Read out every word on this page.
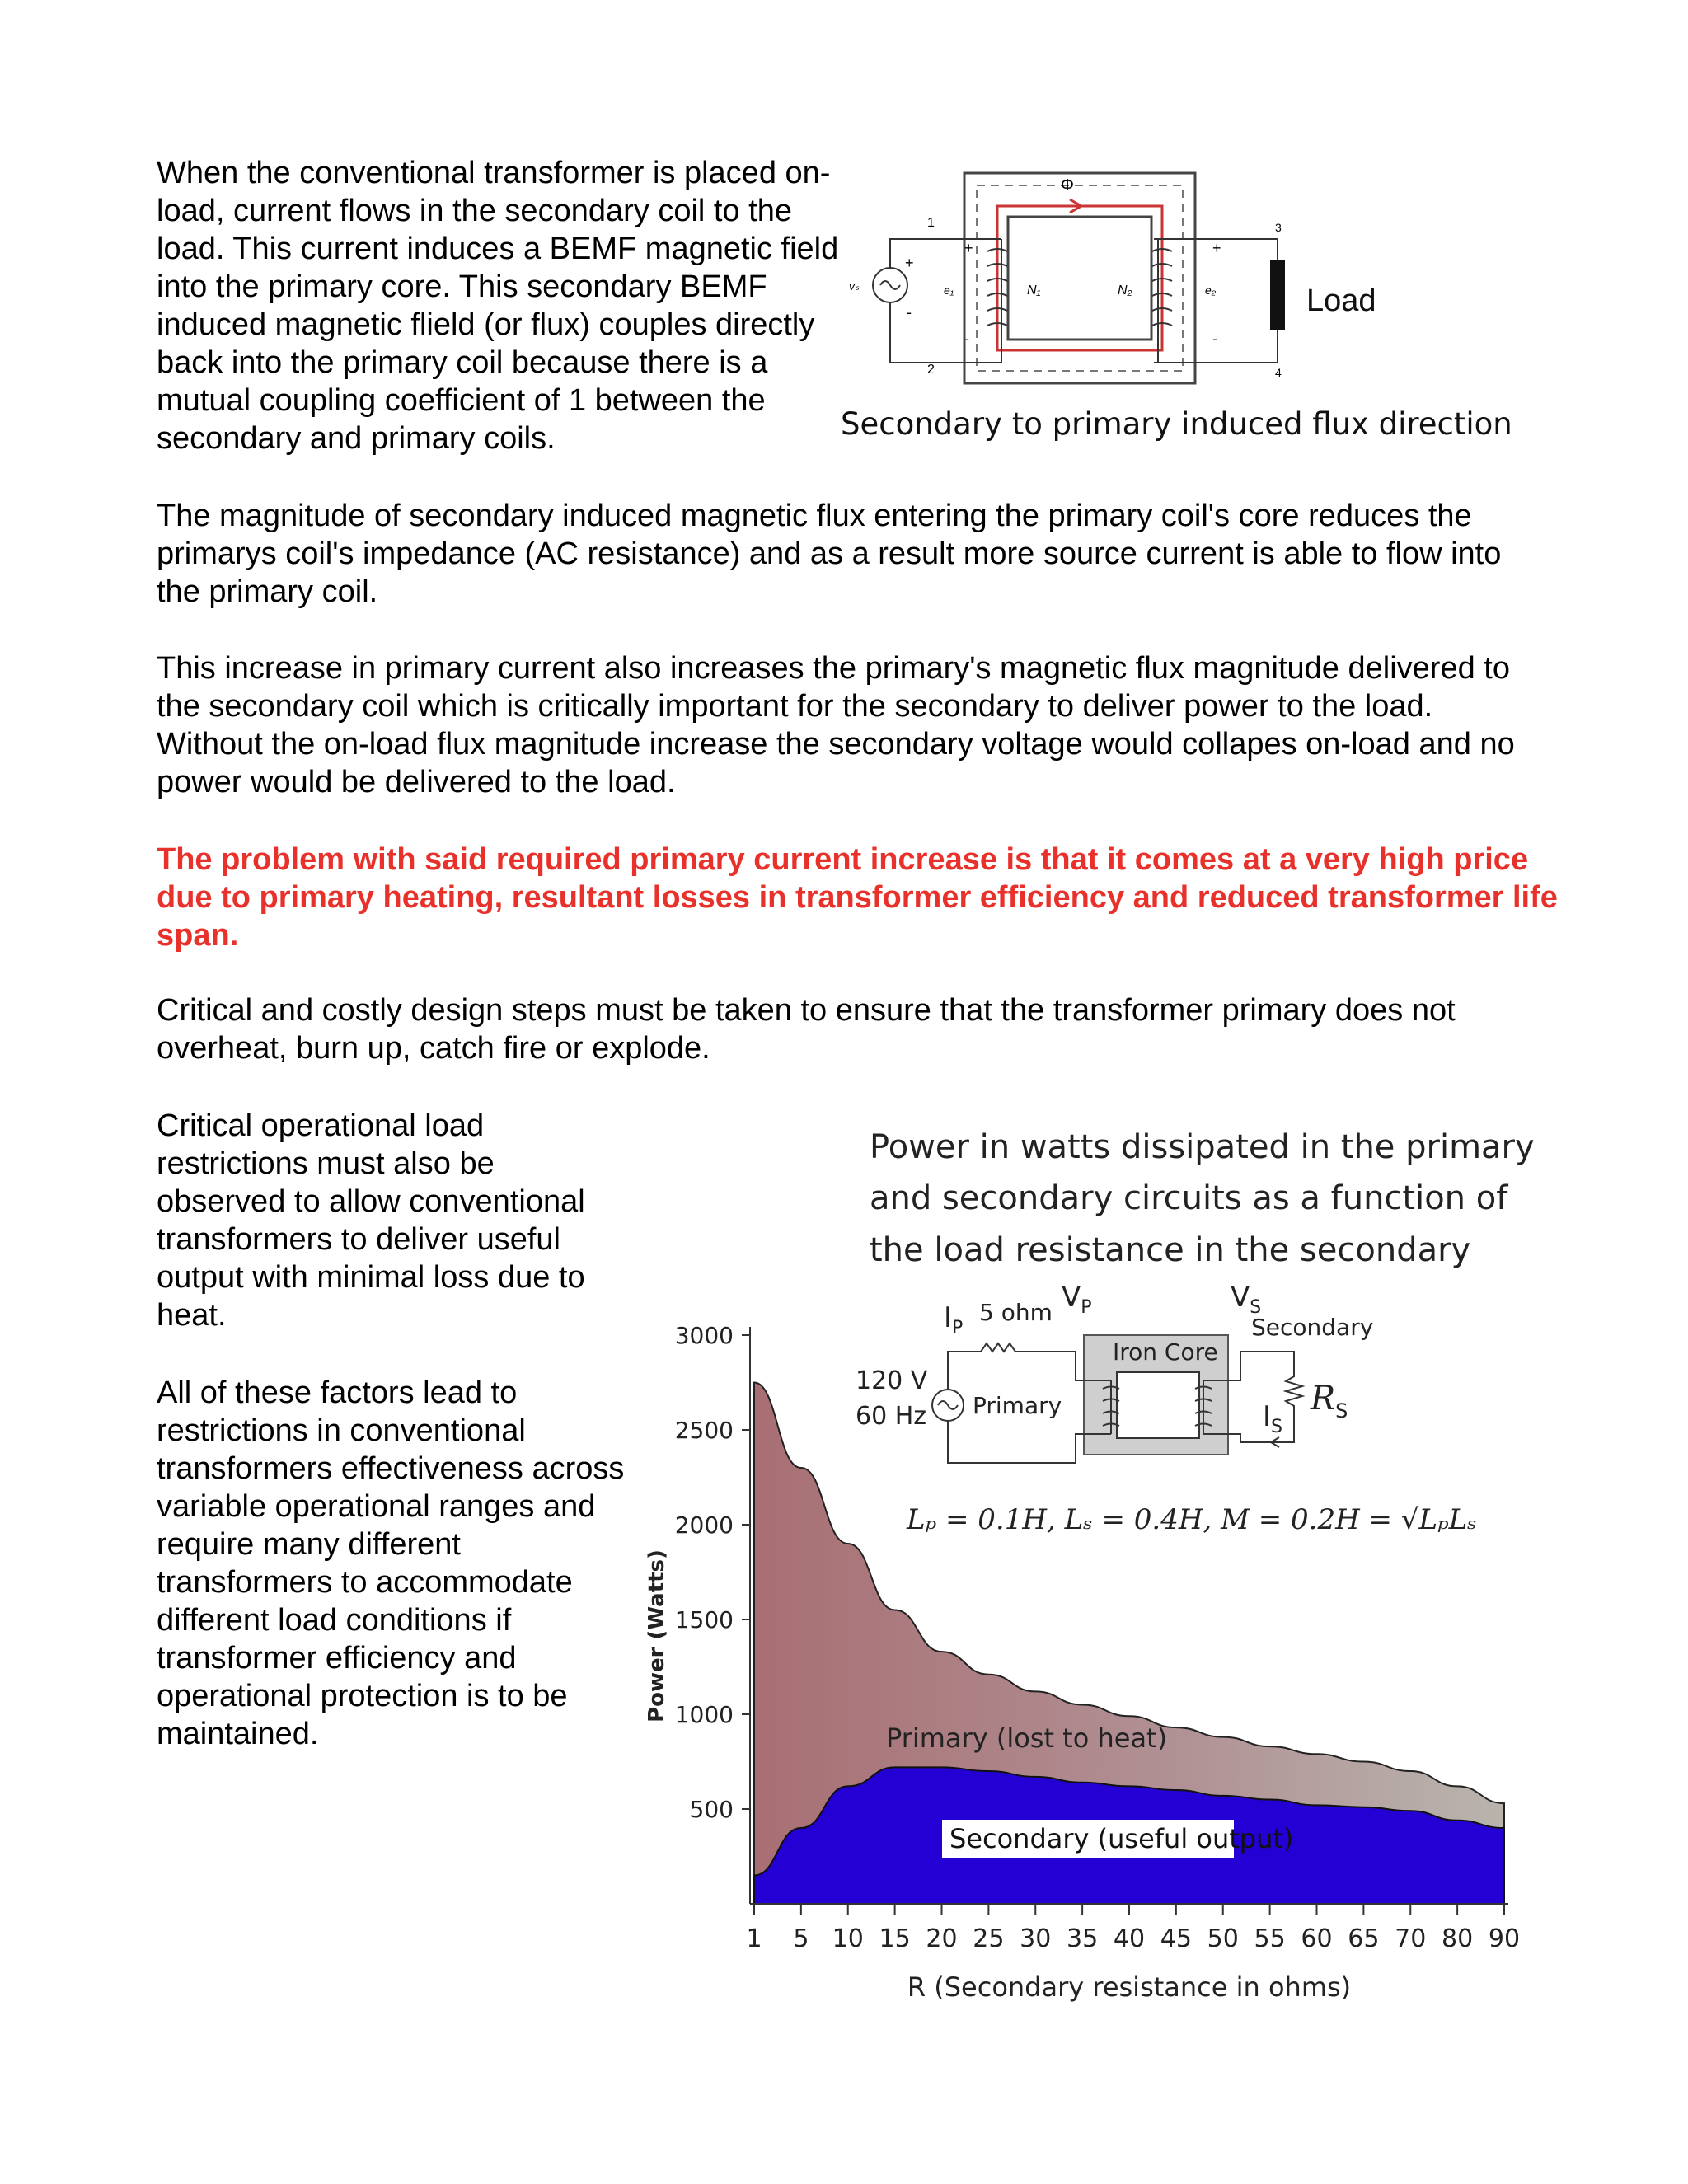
When the conventional transformer is placed on-load, current flows in the secondary coil to the load. This current induces a BEMF magnetic field into the primary core. This secondary BEMF induced magnetic flield (or flux) couples directly back into the primary coil because there is a mutual coupling coefficient of 1 between the secondary and primary coils.

The magnitude of secondary induced magnetic flux entering the primary coil's core reduces the primarys coil's impedance (AC resistance) and as a result more source current is able to flow into the primary coil.

This increase in primary current also increases the primary's magnetic flux magnitude delivered to the secondary coil which is critically important for the secondary to deliver power to the load. Without the on-load flux magnitude increase the secondary voltage would collapes on-load and no power would be delivered to the load.

The problem with said required primary current increase is that it comes at a very high price due to primary heating, resultant losses in transformer efficiency and reduced transformer life span.

Critical and costly design steps must be taken to ensure that the transformer primary does not overheat, burn up, catch fire or explode.

Critical operational load restrictions must also be observed to allow conventional transformers to deliver useful output with minimal loss due to heat.

All of these factors lead to restrictions in conventional transformers effectiveness across variable operational ranges and require many different transformers to accommodate different load conditions if transformer efficiency and operational protection is to be maintained.

Φ
Load
1
2
3
4
vₛ	e₁	e₂
N₁	N₂
+
+	+
-
-	-
Secondary to primary induced flux direction
Power in watts dissipated in the primary
and secondary circuits as a function of
the load resistance in the secondary
1 5 10 15 20 25 30 35 40 45 50 55 60 65 70 80 90
500
1000
1500
2000
2500
3000
Iron Core
Primary
120 V
60 Hz
$I_P$
5 ohm $V_P$	$V_S$
Secondary
$I_S$
$R_S$
Lₚ = 0.1H, Lₛ = 0.4H, M = 0.2H = √LₚLₛ
Primary (lost to heat)
Secondary (useful output)
R (Secondary resistance in ohms)
Power (Watts)
